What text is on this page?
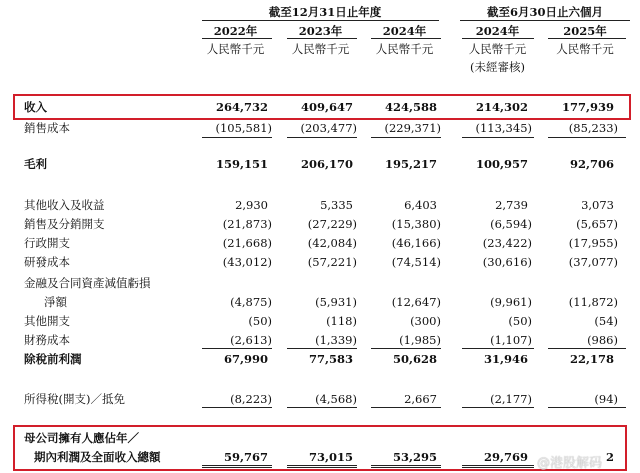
截至12月31日止年度	截至6月30日止六個月
2022年	2023年	2024年	2024年	2025年
人民幣千元	人民幣千元	人民幣千元	人民幣千元	人民幣千元
(未經審核)
收入	264,732	409,647	424,588	214,302	177,939
銷售成本	(105,581)	(203,477)	(229,371)	(113,345)	(85,233)
毛利	159,151	206,170	195,217	100,957	92,706
其他收入及收益	2,930	5,335	6,403	2,739	3,073
銷售及分銷開支	(21,873)	(27,229)	(15,380)	(6,594)	(5,657)
行政開支	(21,668)	(42,084)	(46,166)	(23,422)	(17,955)
研發成本	(43,012)	(57,221)	(74,514)	(30,616)	(37,077)
金融及合同資產減值虧損
淨額	(4,875)	(5,931)	(12,647)	(9,961)	(11,872)
其他開支	(50)	(118)	(300)	(50)	(54)
財務成本	(2,613)	(1,339)	(1,985)	(1,107)	(986)
除稅前利潤	67,990	77,583	50,628	31,946	22,178
所得稅(開支)／抵免	(8,223)	(4,568)	2,667	(2,177)	(94)
母公司擁有人應佔年／
期內利潤及全面收入總額	59,767	73,015	53,295	29,769	2
@港股解码
